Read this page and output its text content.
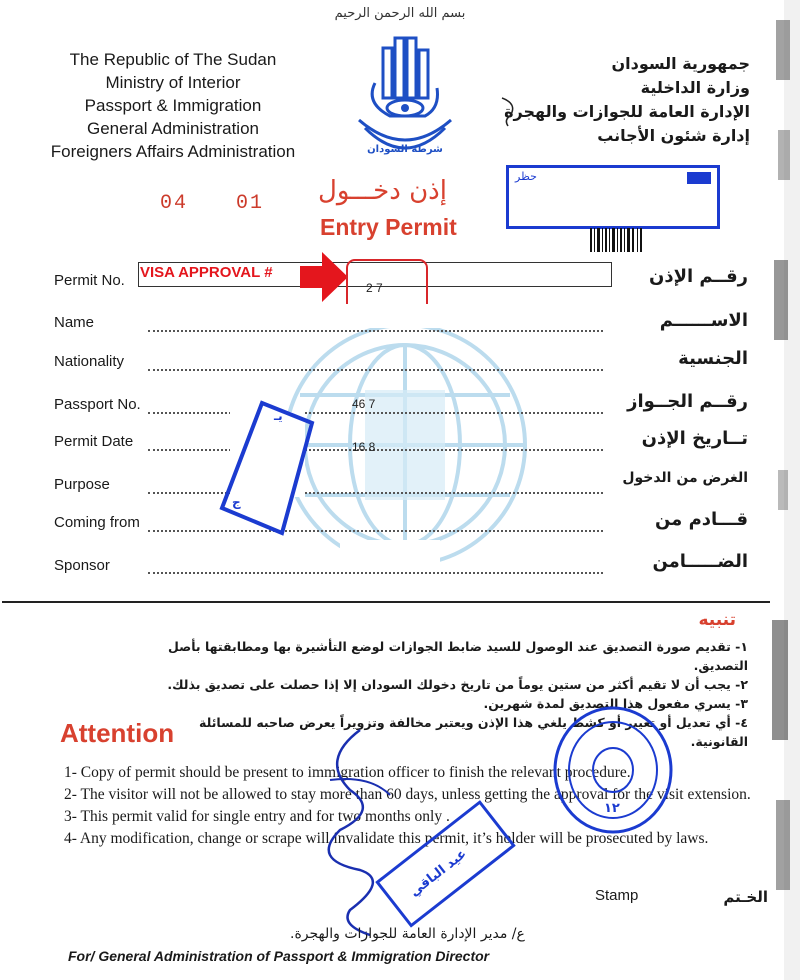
بسم الله الرحمن الرحيم
The Republic of The Sudan
Ministry of Interior
Passport & Immigration
General Administration
Foreigners Affairs Administration	شرطة السودان
جمهورية السودان
وزارة الداخلية
الإدارة العامة للجوازات والهجرة
إدارة شئون الأجانب
04 01 إذن دخـــول
Entry Permit
حظر
VISA APPROVAL #
Permit No.	رقــم الإذن
2 7
Name	الاســــــم
Nationality	الجنسية
Passport No.	رقــم الجــواز
46 7
Permit Date	تــاريخ الإذن
16 8
Purpose	الغرض من الدخول
Coming from	قـــادم من
Sponsor	الضـــــامن
يـ
ج
تنبيه
١- تقديم صورة التصديق عند الوصول للسيد ضابط الجوازات لوضع التأشيرة بها ومطابقتها بأصل التصديق.
٢- يجب أن لا تقيم أكثر من ستين يوماً من تاريخ دخولك السودان إلا إذا حصلت على تصديق بذلك.
٣- يسري مفعول هذا التصديق لمدة شهرين.
٤- أي تعديل أو تغيير أو كشط يلغي هذا الإذن ويعتبر مخالفة وتزويراً يعرض صاحبه للمسائلة القانونية.
Attention

1- Copy of permit should be present to immigration officer to finish the relevant procedure.

2- The visitor will not be allowed to stay more than 60 days, unless getting the approval for the visit extension.

3- This permit valid for single entry and for two months only .

4- Any modification, change or scrape will invalidate this permit, it’s holder will be prosecuted by laws.

١٢
عيد الباقي	Stamp	الخـتم
ع/ مدير الإدارة العامة للجوازات والهجرة.
For/ General Administration of Passport & Immigration Director
